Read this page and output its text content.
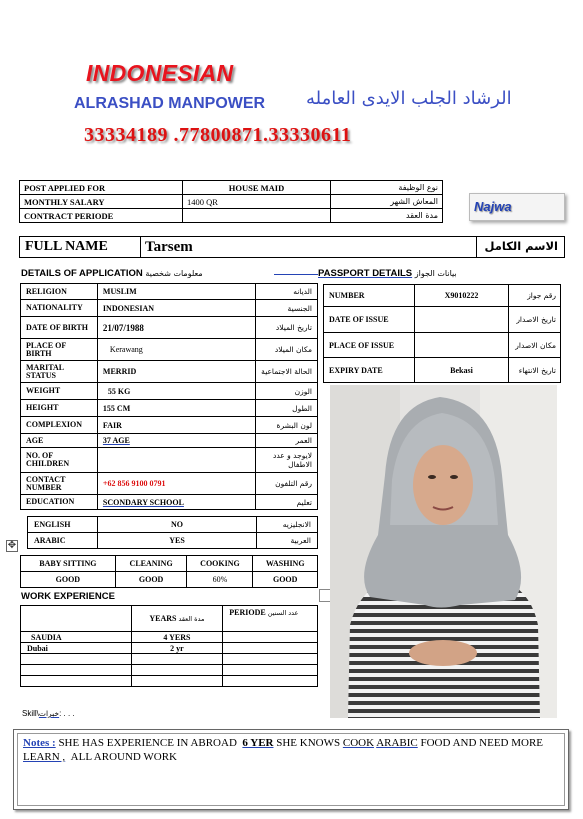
INDONESIAN
ALRASHAD MANPOWER الرشاد الجلب الايدى العامله
33334189 .77800871.33330611
POST APPLIED FOR	HOUSE MAID	نوع الوظيفة
MONTHLY SALARY	1400 QR	المعاش الشهر
CONTRACT PERIODE		مدة العقد
Najwa
FULL NAME	Tarsem	الاسم الكامل
DETAILS OF APPLICATION معلومات شخصية	PASSPORT DETAILS بيانات الجواز
RELIGION	MUSLIM	الديانه
NATIONALITY	INDONESIAN	الجنسية
DATE OF BIRTH	21/07/1988	تاريخ الميلاد
PLACE OF BIRTH	Kerawang	مكان الميلاد
MARITAL STATUS	MERRID	الحالة الاجتماعية
WEIGHT	55 KG	الوزن
HEIGHT	155 CM	الطول
COMPLEXION	FAIR	لون البشرة
AGE	37 AGE	العمر
NO. OF CHILDREN		لايوجد و عدد الاطفال
CONTACT NUMBER	+62 856 9100 0791	رقم التلفون
EDUCATION	SCONDARY SCHOOL	تعليم
ENGLISH	NO	الانجليزيه
ARABIC	YES	العربية
✥
BABY SITTING	CLEANING	COOKING	WASHING
GOOD	GOOD	60%	GOOD
WORK EXPERIENCE
	YEARS مدة العقد	PERIODE عدد السنين
SAUDIA	4 YERS	
Dubai	2 yr	

Skill\خبرات: . . .
NUMBER	X9010222	رقم جواز
DATE OF ISSUE		تاريخ الاصدار
PLACE OF ISSUE		مكان الاصدار
EXPIRY DATE	Bekasi	تاريخ الانتهاء
Notes : SHE HAS EXPERIENCE IN ABROAD 6 YER SHE KNOWS COOK ARABIC FOOD AND NEED MORE LEARN , ALL AROUND WORK
